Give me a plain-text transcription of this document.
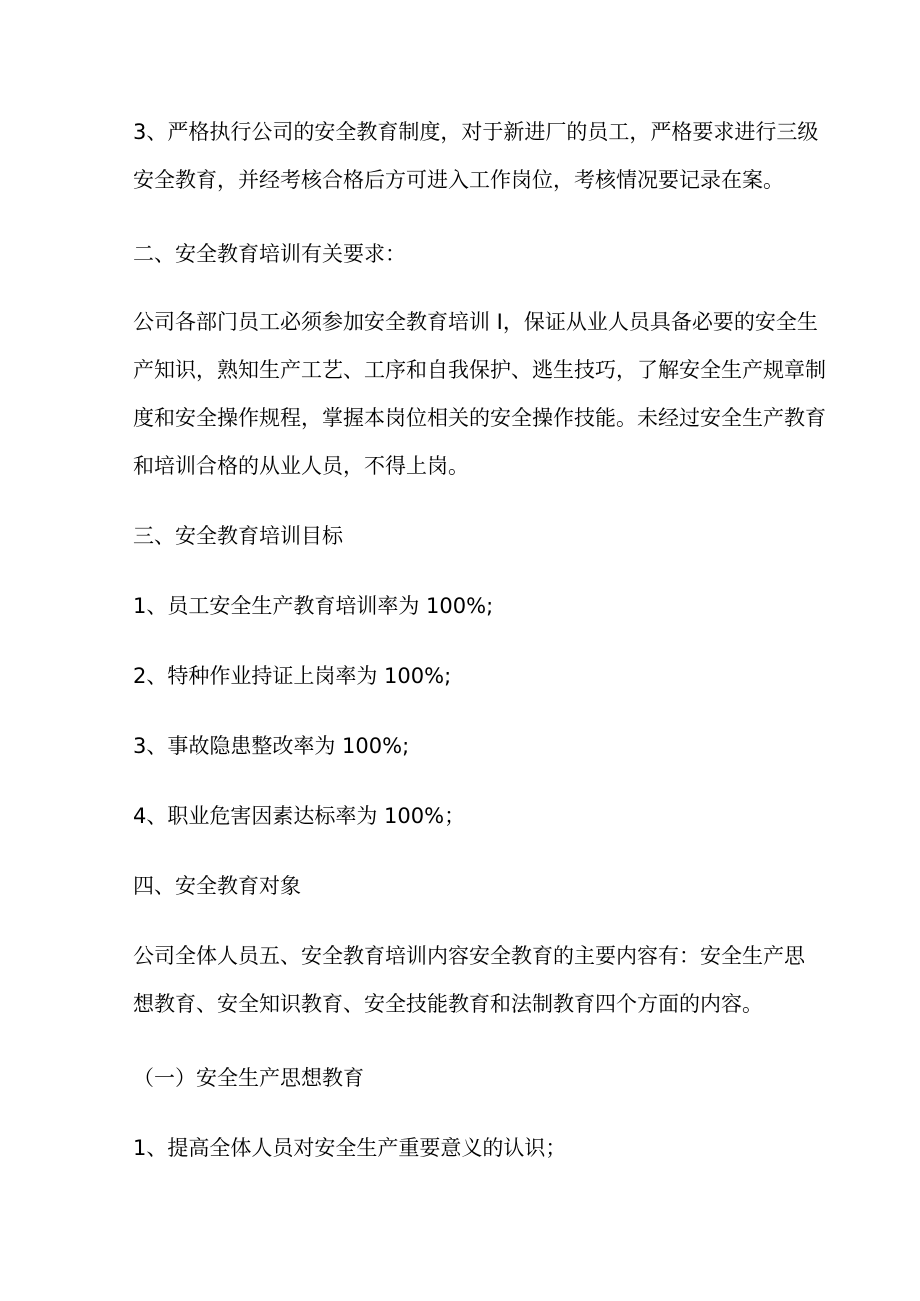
3、严格执行公司的安全教育制度，对于新进厂的员工，严格要求进行三级
安全教育，并经考核合格后方可进入工作岗位，考核情况要记录在案。

二、安全教育培训有关要求：

公司各部门员工必须参加安全教育培训 I，保证从业人员具备必要的安全生
产知识，熟知生产工艺、工序和自我保护、逃生技巧，了解安全生产规章制
度和安全操作规程，掌握本岗位相关的安全操作技能。未经过安全生产教育
和培训合格的从业人员，不得上岗。

三、安全教育培训目标

1、员工安全生产教育培训率为 100%;

2、特种作业持证上岗率为 100%;

3、事故隐患整改率为 100%;

4、职业危害因素达标率为 100%；

四、安全教育对象

公司全体人员五、安全教育培训内容安全教育的主要内容有：安全生产思
想教育、安全知识教育、安全技能教育和法制教育四个方面的内容。

（一）安全生产思想教育

1、提高全体人员对安全生产重要意义的认识；
